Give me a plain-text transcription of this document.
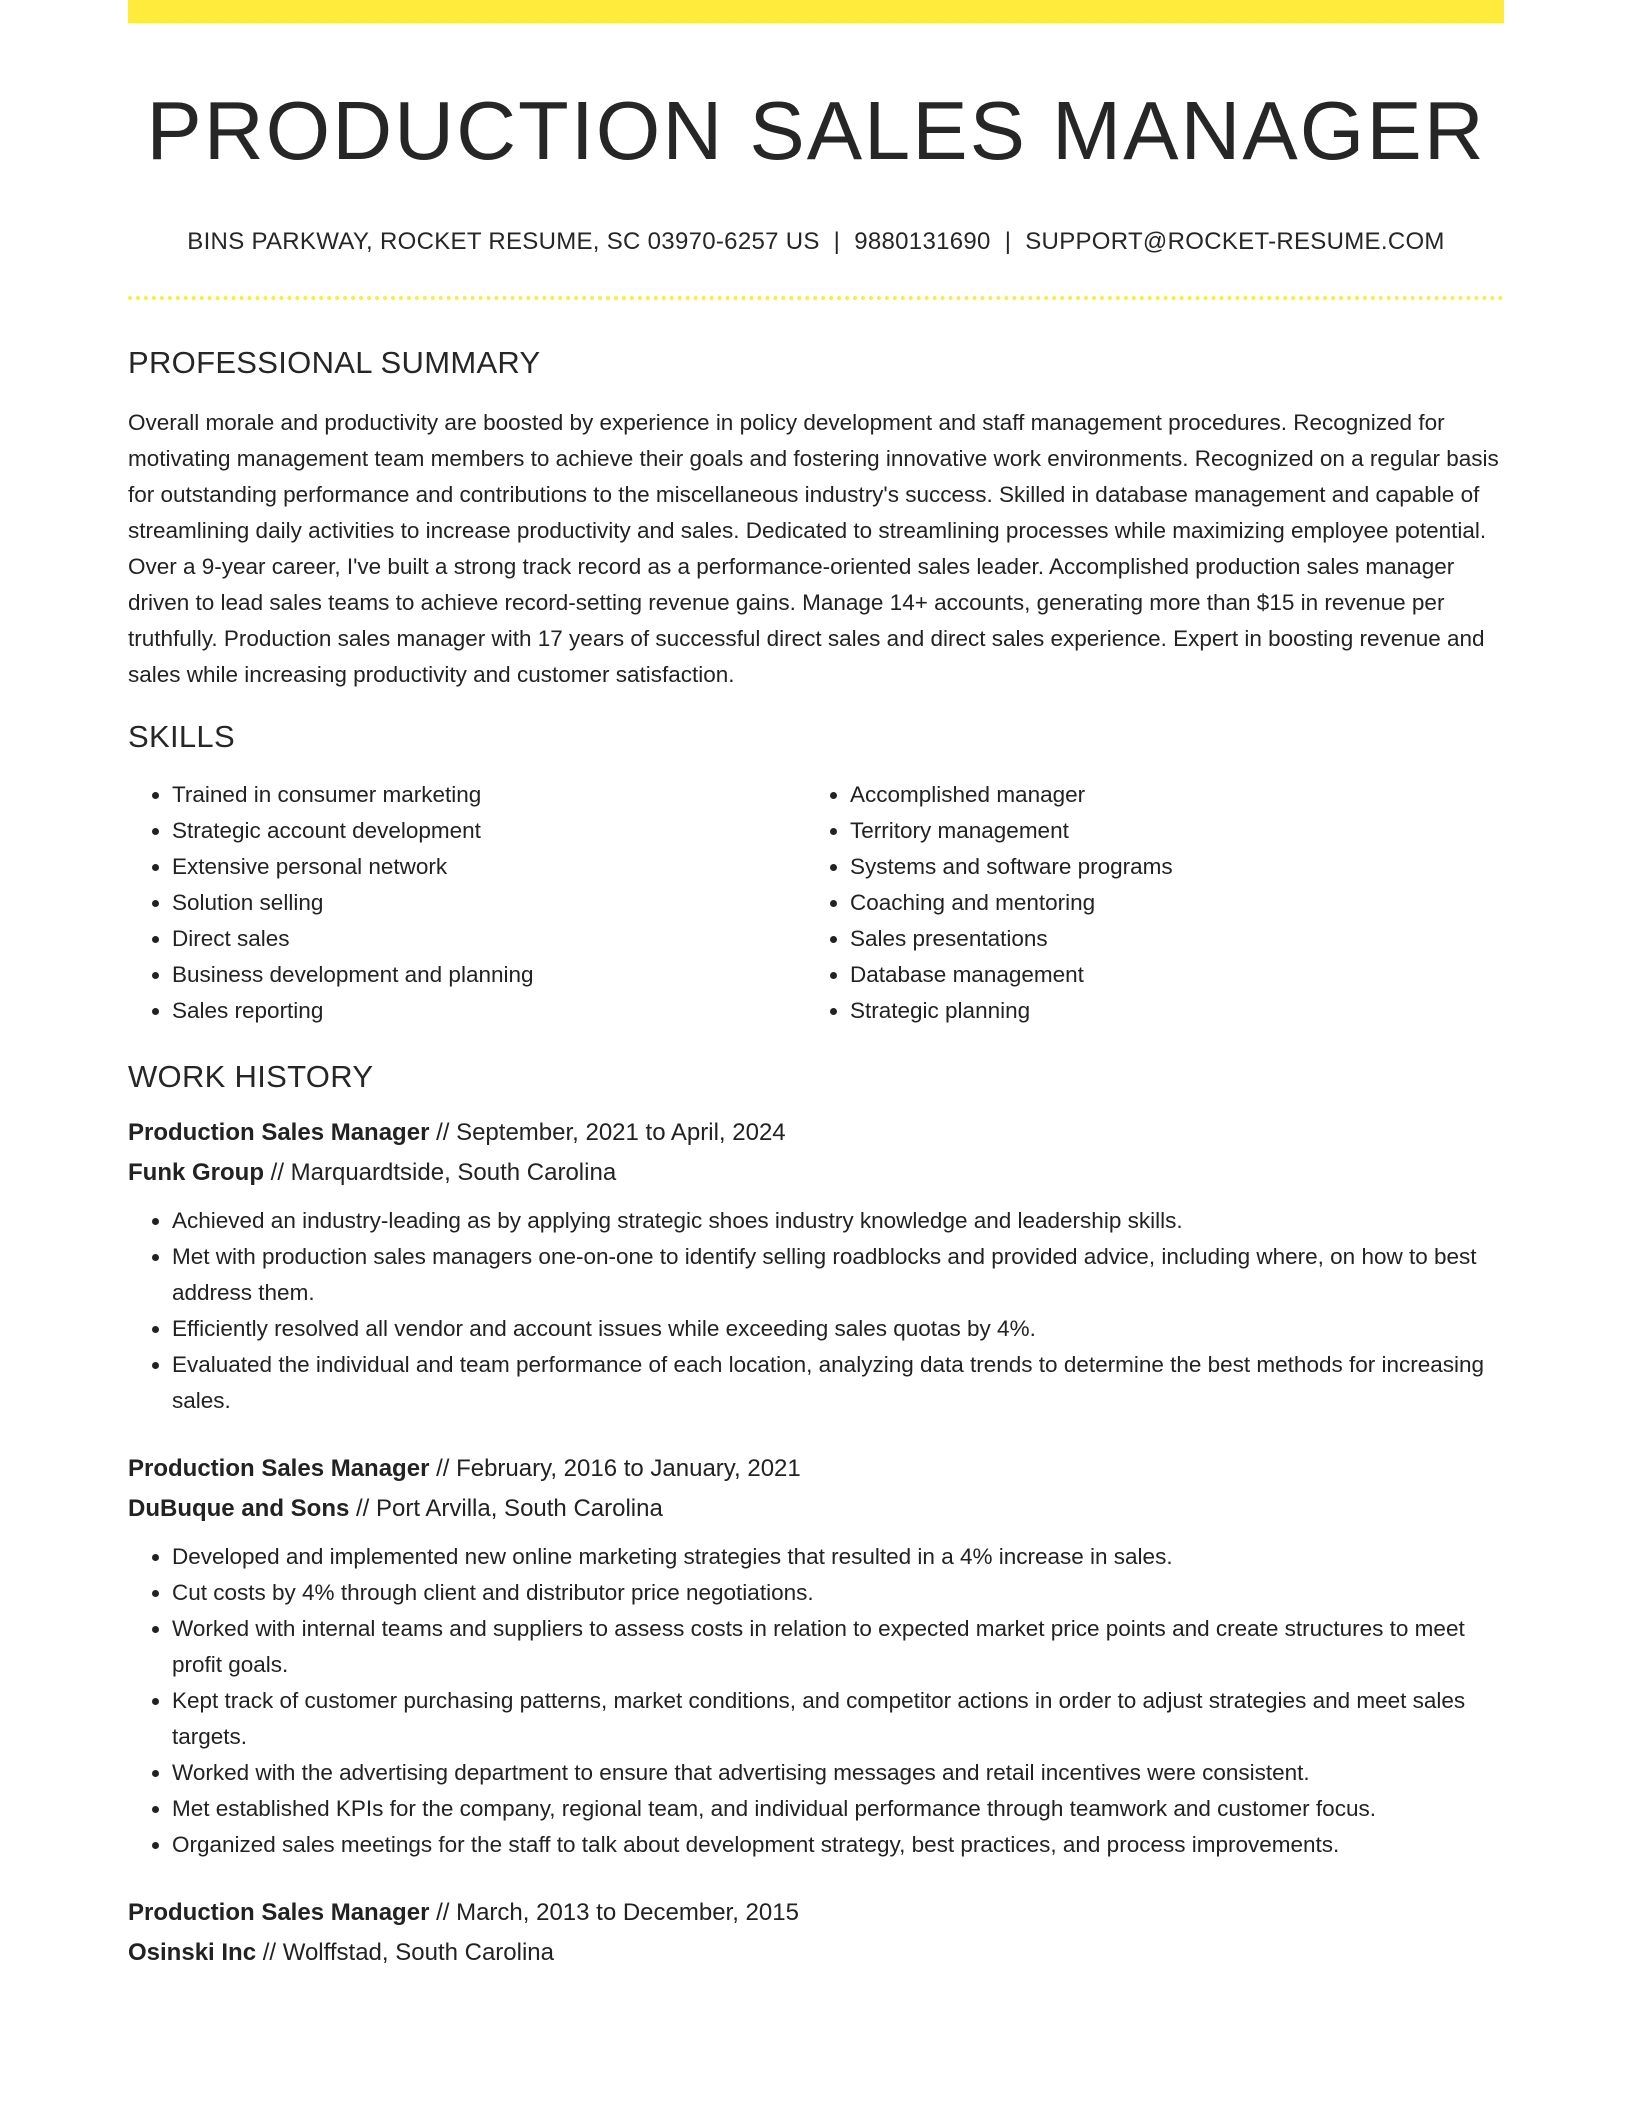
PRODUCTION SALES MANAGER
BINS PARKWAY, ROCKET RESUME, SC 03970-6257 US | 9880131690 | SUPPORT@ROCKET-RESUME.COM
PROFESSIONAL SUMMARY

Overall morale and productivity are boosted by experience in policy development and staff management procedures. Recognized for motivating management team members to achieve their goals and fostering innovative work environments. Recognized on a regular basis for outstanding performance and contributions to the miscellaneous industry's success. Skilled in database management and capable of streamlining daily activities to increase productivity and sales. Dedicated to streamlining processes while maximizing employee potential. Over a 9-year career, I've built a strong track record as a performance-oriented sales leader. Accomplished production sales manager driven to lead sales teams to achieve record-setting revenue gains. Manage 14+ accounts, generating more than $15 in revenue per truthfully. Production sales manager with 17 years of successful direct sales and direct sales experience. Expert in boosting revenue and sales while increasing productivity and customer satisfaction.

SKILLS
• Trained in consumer marketing
• Strategic account development
• Extensive personal network
• Solution selling
• Direct sales
• Business development and planning
• Sales reporting
• Accomplished manager
• Territory management
• Systems and software programs
• Coaching and mentoring
• Sales presentations
• Database management
• Strategic planning
WORK HISTORY
Production Sales Manager // September, 2021 to April, 2024
Funk Group // Marquardtside, South Carolina
• Achieved an industry-leading as by applying strategic shoes industry knowledge and leadership skills.
• Met with production sales managers one-on-one to identify selling roadblocks and provided advice, including where, on how to best address them.
• Efficiently resolved all vendor and account issues while exceeding sales quotas by 4%.
• Evaluated the individual and team performance of each location, analyzing data trends to determine the best methods for increasing sales.
Production Sales Manager // February, 2016 to January, 2021
DuBuque and Sons // Port Arvilla, South Carolina
• Developed and implemented new online marketing strategies that resulted in a 4% increase in sales.
• Cut costs by 4% through client and distributor price negotiations.
• Worked with internal teams and suppliers to assess costs in relation to expected market price points and create structures to meet profit goals.
• Kept track of customer purchasing patterns, market conditions, and competitor actions in order to adjust strategies and meet sales targets.
• Worked with the advertising department to ensure that advertising messages and retail incentives were consistent.
• Met established KPIs for the company, regional team, and individual performance through teamwork and customer focus.
• Organized sales meetings for the staff to talk about development strategy, best practices, and process improvements.
Production Sales Manager // March, 2013 to December, 2015
Osinski Inc // Wolffstad, South Carolina
